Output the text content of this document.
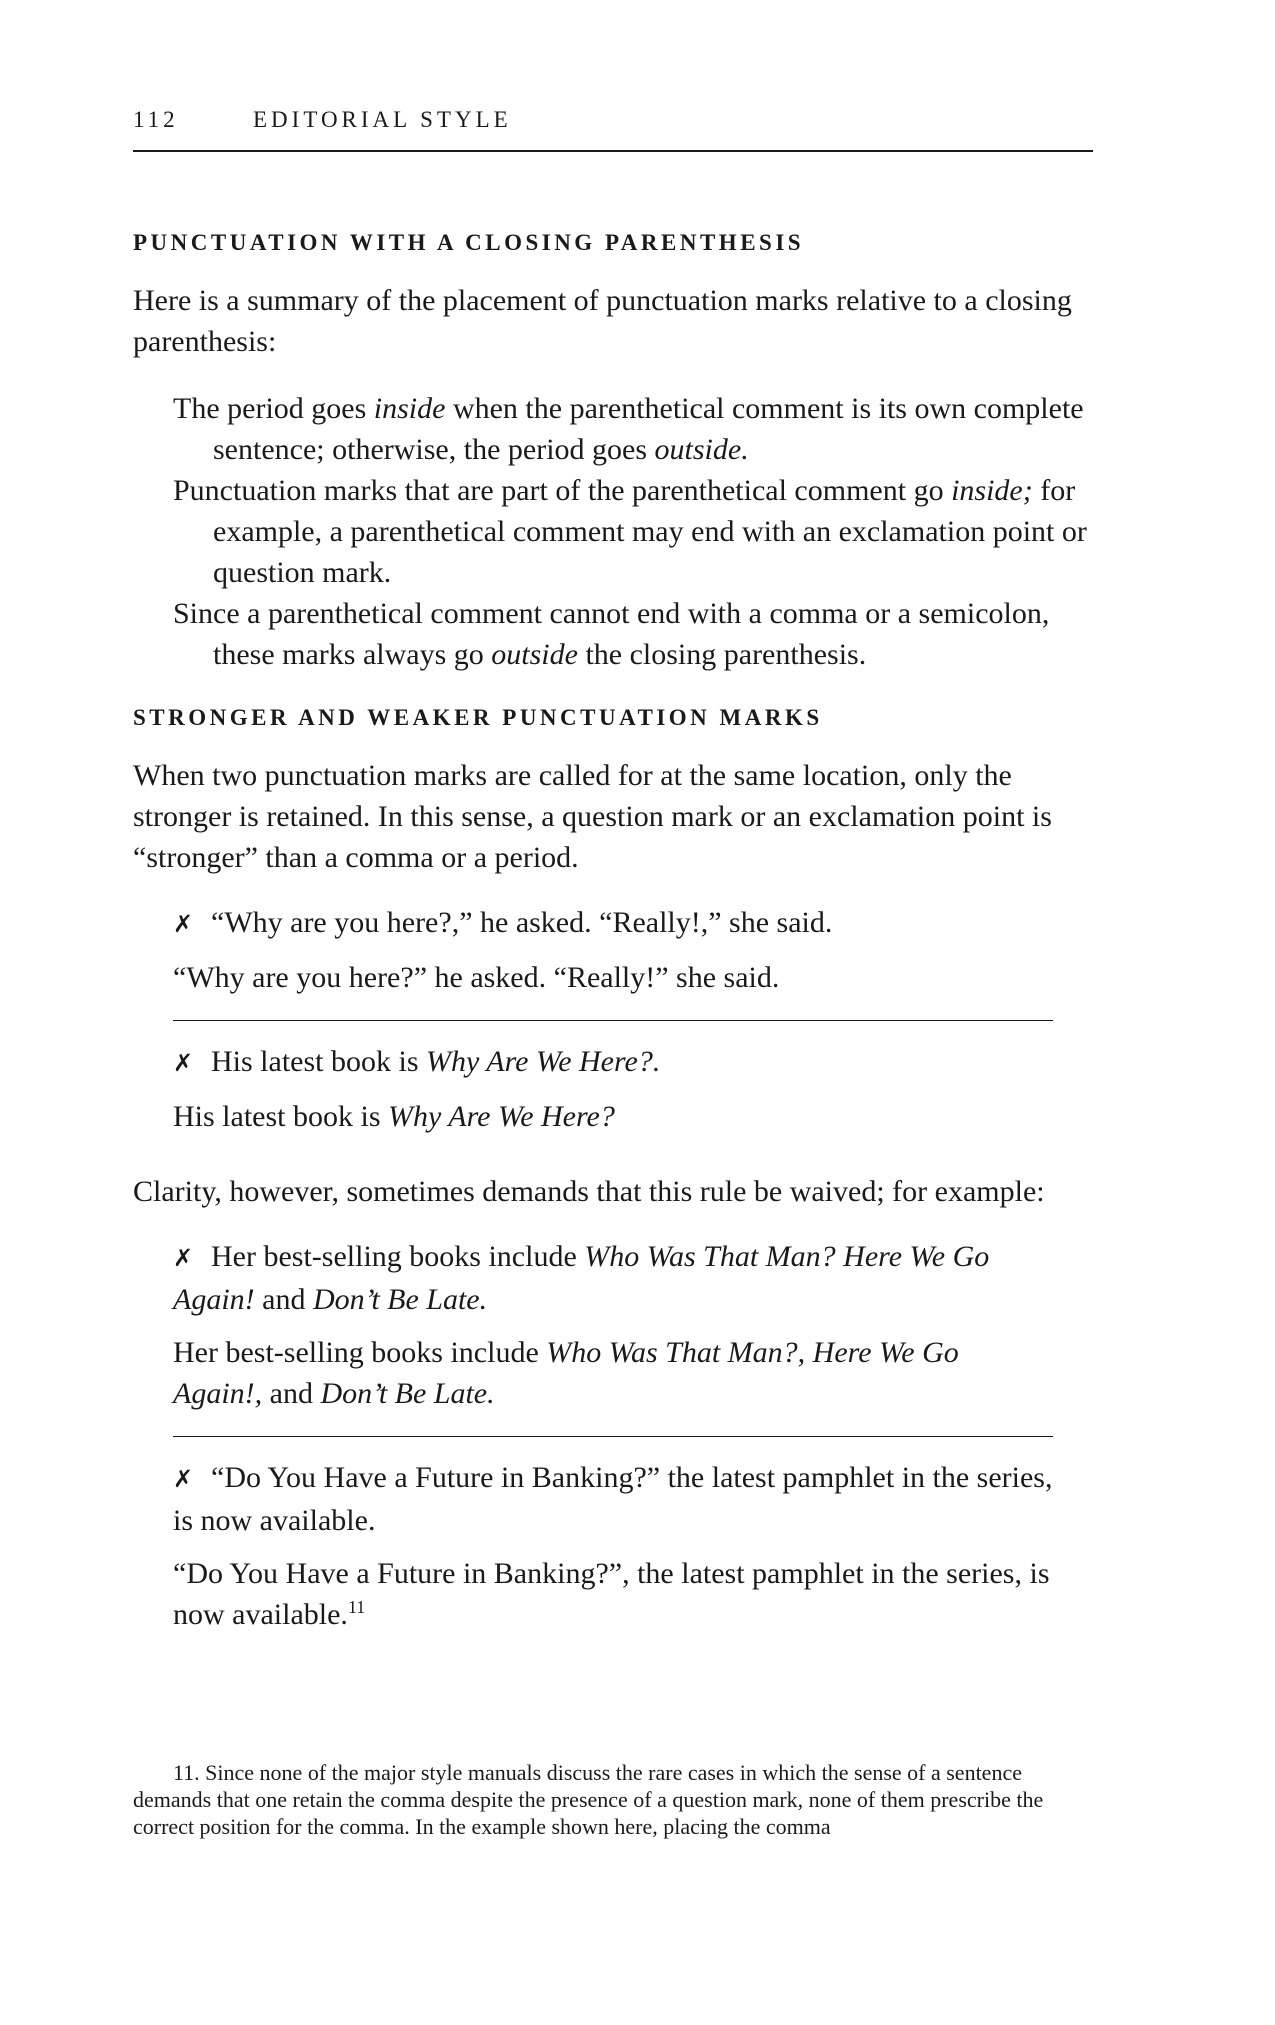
112	EDITORIAL STYLE
PUNCTUATION WITH A CLOSING PARENTHESIS

Here is a summary of the placement of punctuation marks relative to a closing parenthesis:

The period goes inside when the parenthetical comment is its own complete sentence; otherwise, the period goes outside.

Punctuation marks that are part of the parenthetical comment go inside; for example, a parenthetical comment may end with an exclamation point or question mark.

Since a parenthetical comment cannot end with a comma or a semicolon, these marks always go outside the closing parenthesis.

STRONGER AND WEAKER PUNCTUATION MARKS

When two punctuation marks are called for at the same location, only the stronger is retained. In this sense, a question mark or an exclamation point is “stronger” than a comma or a period.

✗ “Why are you here?,” he asked. “Really!,” she said.

“Why are you here?” he asked. “Really!” she said.

✗ His latest book is Why Are We Here?.

His latest book is Why Are We Here?

Clarity, however, sometimes demands that this rule be waived; for example:

✗ Her best-selling books include Who Was That Man? Here We Go Again! and Don’t Be Late.

Her best-selling books include Who Was That Man?, Here We Go Again!, and Don’t Be Late.

✗ “Do You Have a Future in Banking?” the latest pamphlet in the series, is now available.

“Do You Have a Future in Banking?”, the latest pamphlet in the series, is now available.$^{11}$

11. Since none of the major style manuals discuss the rare cases in which the sense of a sentence demands that one retain the comma despite the presence of a question mark, none of them prescribe the correct position for the comma. In the example shown here, placing the comma
